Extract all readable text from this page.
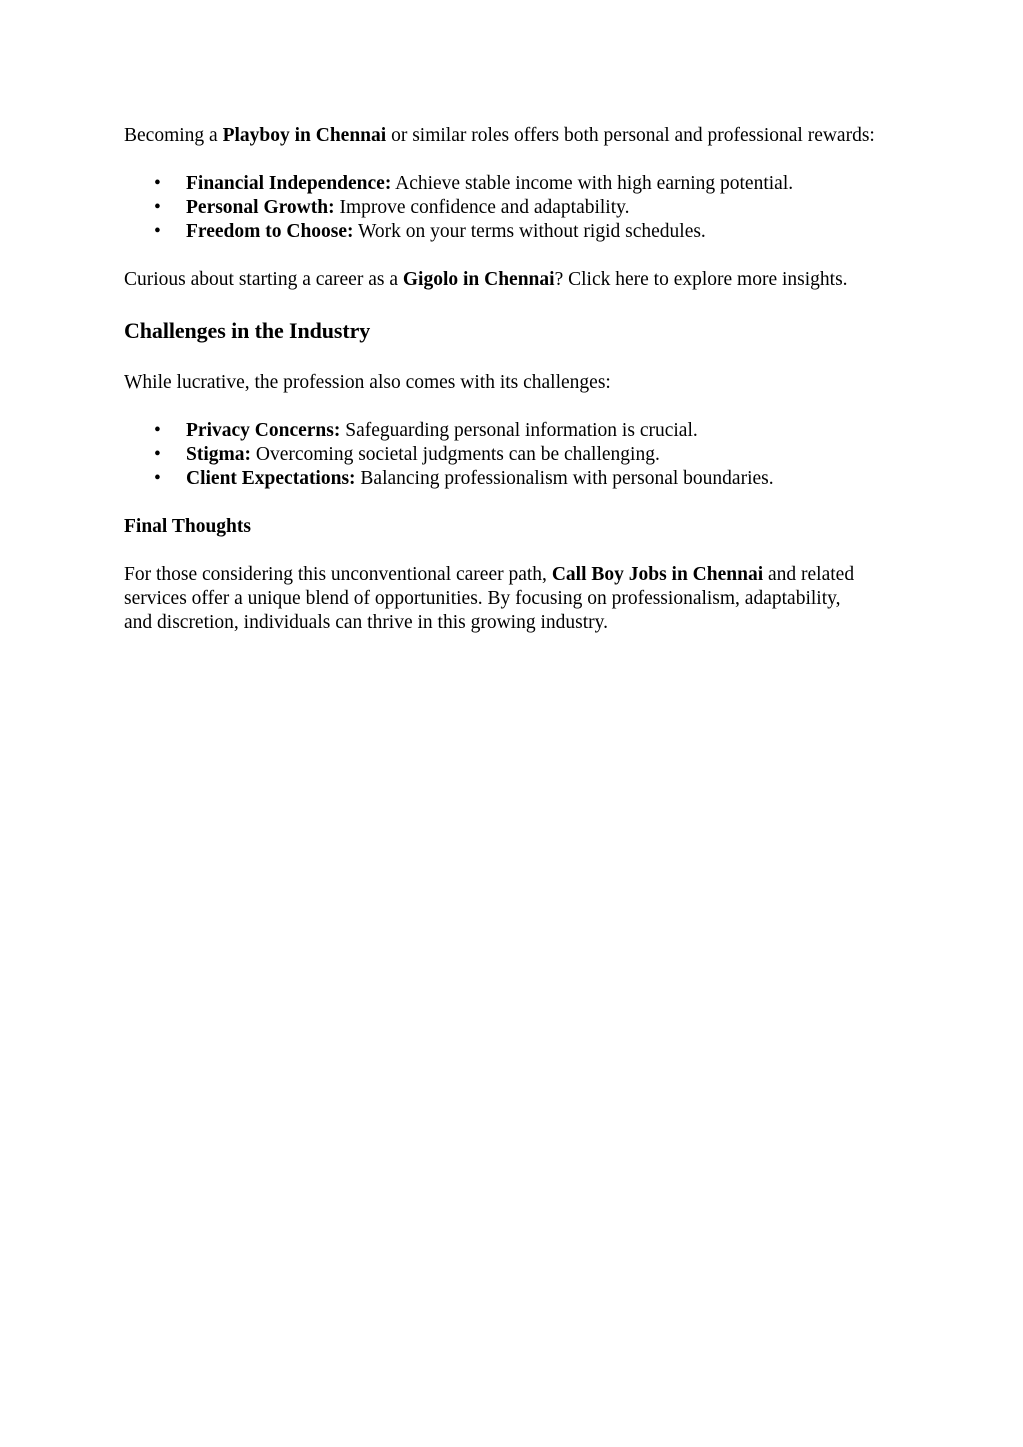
Becoming a Playboy in Chennai or similar roles offers both personal and professional rewards:

• Financial Independence: Achieve stable income with high earning potential.
• Personal Growth: Improve confidence and adaptability.
• Freedom to Choose: Work on your terms without rigid schedules.

Curious about starting a career as a Gigolo in Chennai? Click here to explore more insights.

Challenges in the Industry

While lucrative, the profession also comes with its challenges:

• Privacy Concerns: Safeguarding personal information is crucial.
• Stigma: Overcoming societal judgments can be challenging.
• Client Expectations: Balancing professionalism with personal boundaries.
Final Thoughts

For those considering this unconventional career path, Call Boy Jobs in Chennai and related
services offer a unique blend of opportunities. By focusing on professionalism, adaptability,
and discretion, individuals can thrive in this growing industry.
